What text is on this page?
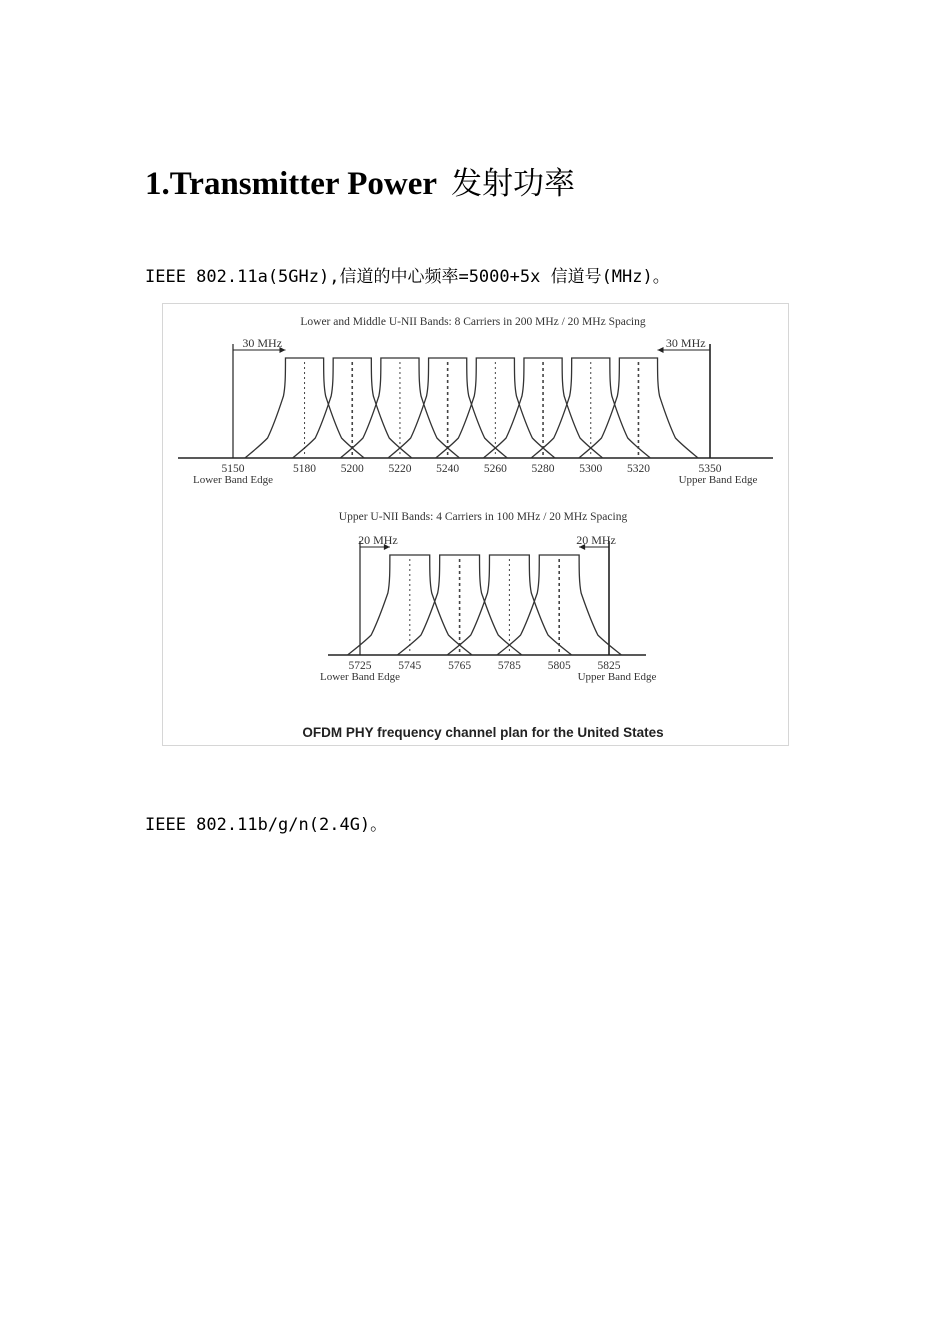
1.Transmitter Power 发射功率

IEEE 802.11a(5GHz),信道的中心频率=5000+5x 信道号(MHz)。

5150	5180 5200 5220 5240 5260 5280 5300 5320	5350
Lower Band Edge	Upper Band Edge
30 MHz	30 MHz
Lower and Middle U-NII Bands: 8 Carriers in 200 MHz / 20 MHz Spacing
5725 5745 5765 5785 5805 5825
Lower Band Edge	Upper Band Edge
20 MHz	20 MHz
Upper U-NII Bands: 4 Carriers in 100 MHz / 20 MHz Spacing
OFDM PHY frequency channel plan for the United States

IEEE 802.11b/g/n(2.4G)。
